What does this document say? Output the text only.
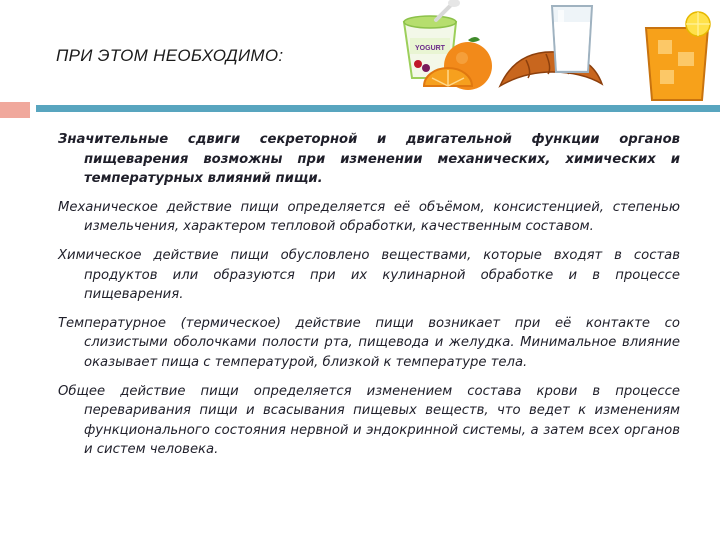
ПРИ ЭТОМ НЕОБХОДИМО:	YOGURT

Значительные сдвиги секреторной и двигательной функции органов пищеварения возможны при изменении механических, химических и температурных влияний пищи.

Механическое действие пищи определяется её объёмом, консистенцией, степенью измельчения, характером тепловой обработки, качественным составом.

Химическое действие пищи обусловлено веществами, которые входят в состав продуктов или образуются при их кулинарной обработке и в процессе пищеварения.

Температурное (термическое) действие пищи возникает при её контакте со слизистыми оболочками полости рта, пищевода и желудка. Минимальное влияние оказывает пища с температурой, близкой к температуре тела.

Общее действие пищи определяется изменением состава крови в процессе переваривания пищи и всасывания пищевых веществ, что ведет к изменениям функционального состояния нервной и эндокринной системы, а затем всех органов и систем человека.
